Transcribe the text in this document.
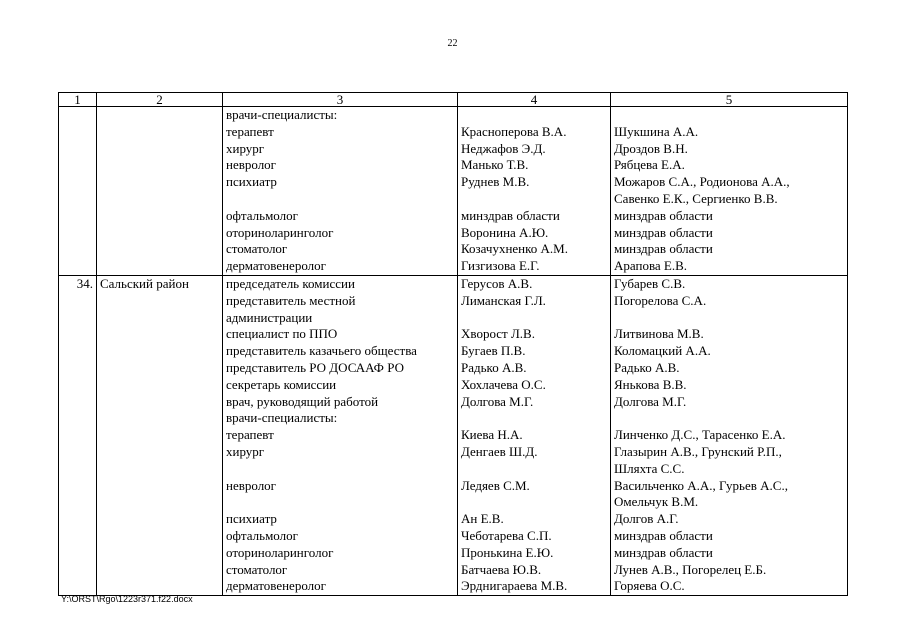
22
1	2	3	4	5
		врачи-специалисты:		
		терапевт	Красноперова В.А.	Шукшина А.А.
		хирург	Неджафов Э.Д.	Дроздов В.Н.
		невролог	Манько Т.В.	Рябцева Е.А.
		психиатр	Руднев М.В.	Можаров С.А., Родионова А.А.,
				Савенко Е.К., Сергиенко В.В.
		офтальмолог	минздрав области	минздрав области
		оториноларинголог	Воронина А.Ю.	минздрав области
		стоматолог	Козачухненко А.М.	минздрав области
		дерматовенеролог	Гизгизова Е.Г.	Арапова Е.В.
34.	Сальский район	председатель комиссии	Герусов А.В.	Губарев С.В.
		представитель местной	Лиманская Г.Л.	Погорелова С.А.
		администрации		
		специалист по ППО	Хворост Л.В.	Литвинова М.В.
		представитель казачьего общества	Бугаев П.В.	Коломацкий А.А.
		представитель РО ДОСААФ РО	Радько А.В.	Радько А.В.
		секретарь комиссии	Хохлачева О.С.	Янькова В.В.
		врач, руководящий работой	Долгова М.Г.	Долгова М.Г.
		врачи-специалисты:		
		терапевт	Киева Н.А.	Линченко Д.С., Тарасенко Е.А.
		хирург	Денгаев Ш.Д.	Глазырин А.В., Грунский Р.П.,
				Шляхта С.С.
		невролог	Ледяев С.М.	Васильченко А.А., Гурьев А.С.,
				Омельчук В.М.
		психиатр	Ан Е.В.	Долгов А.Г.
		офтальмолог	Чеботарева С.П.	минздрав области
		оториноларинголог	Пронькина Е.Ю.	минздрав области
		стоматолог	Батчаева Ю.В.	Лунев А.В., Погорелец Е.Б.
		дерматовенеролог	Эрднигараева М.В.	Горяева О.С.
Y:\ORST\Rgo\1223r371.f22.docx
